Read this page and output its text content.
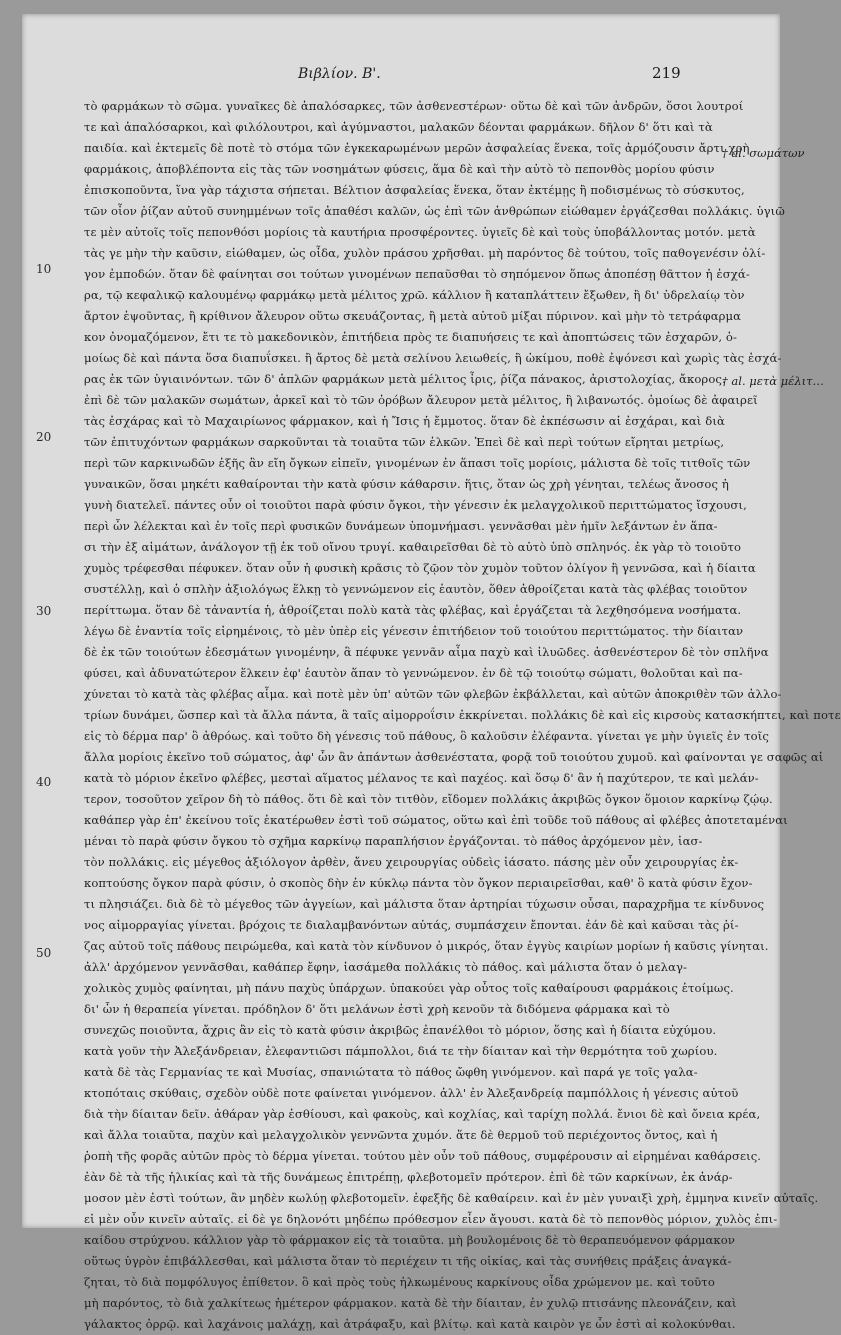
Βιβλίον. Β'.	219
10
20
30
40
50
† al. σωμάτων
† al. μετὰ μέλιτ…
τὸ φαρμάκων τὸ σῶμα. γυναῖκες δὲ ἁπαλόσαρκες, τῶν ἀσθενεστέρων· οὕτω δὲ καὶ τῶν ἀνδρῶν, ὅσοι λουτροί
τε καὶ ἁπαλόσαρκοι, καὶ φιλόλουτροι, καὶ ἀγύμναστοι, μαλακῶν δέονται φαρμάκων. δῆλον δ' ὅτι καὶ τὰ
παιδία. καὶ ἐκτεμεῖς δὲ ποτὲ τὸ στόμα τῶν ἐγκεκαρωμένων μερῶν ἀσφαλείας ἕνεκα, τοῖς ἀρμόζουσιν ἄρτι χρὴ
φαρμάκοις, ἀποβλέποντα εἰς τὰς τῶν νοσημάτων φύσεις, ἅμα δὲ καὶ τὴν αὐτὸ τὸ πεπονθὸς μορίου φύσιν
ἐπισκοποῦντα, ἵνα γὰρ τάχιστα σήπεται. Βέλτιον ἀσφαλείας ἕνεκα, ὅταν ἐκτέμῃς ἢ ποδισμένως τὸ σύσκυτος,
τῶν οἷον ῥίζαν αὐτοῦ συνημμένων τοῖς ἀπαθέσι καλῶν, ὡς ἐπὶ τῶν ἀνθρώπων εἰώθαμεν ἐργάζεσθαι πολλάκις. ὑγιῶ
τε μὲν αὐτοῖς τοῖς πεπονθόσι μορίοις τὰ καυτήρια προσφέροντες. ὑγιεῖς δὲ καὶ τοὺς ὑποβάλλοντας μοτόν. μετὰ
τὰς γε μὴν τὴν καῦσιν, εἰώθαμεν, ὡς οἶδα, χυλὸν πράσου χρῆσθαι. μὴ παρόντος δὲ τούτου, τοῖς παθογενέσιν ὀλί-
γον ἐμποδών. ὅταν δὲ φαίνηται σοι τούτων γινομένων πεπαῦσθαι τὸ σηπόμενον ὅπως ἀποπέσῃ θᾶττον ἡ ἐσχά-
ρα, τῷ κεφαλικῷ καλουμένῳ φαρμάκῳ μετὰ μέλιτος χρῶ. κάλλιον ἢ καταπλάττειν ἔξωθεν, ἢ δι' ὑδρελαίῳ τὸν
ἄρτον ἑψοῦντας, ἢ κρίθινον ἄλευρον οὕτω σκευάζοντας, ἢ μετὰ αὐτοῦ μίξαι πύρινον. καὶ μὴν τὸ τετράφαρμα
κον ὀνομαζόμενον, ἔτι τε τὸ μακεδονικὸν, ἐπιτήδεια πρὸς τε διαπυήσεις τε καὶ ἀποπτώσεις τῶν ἐσχαρῶν, ὁ-
μοίως δὲ καὶ πάντα ὅσα διαπυΐσκει. ἢ ἄρτος δὲ μετὰ σελίνου λειωθείς, ἢ ὠκίμου, ποθὲ ἐψόνεσι καὶ χωρὶς τὰς ἐσχά-
ρας ἐκ τῶν ὑγιαινόντων. τῶν δ' ἁπλῶν φαρμάκων μετὰ μέλιτος ἶρις, ῥίζα πάνακος, ἀριστολοχίας, ἄκορος.
ἐπὶ δὲ τῶν μαλακῶν σωμάτων, ἀρκεῖ καὶ τὸ τῶν ὀρόβων ἄλευρον μετὰ μέλιτος, ἢ λιβανωτός. ὁμοίως δὲ ἀφαιρεῖ
τὰς ἐσχάρας καὶ τὸ Μαχαιρίωνος φάρμακον, καὶ ἡ Ἴσις ἡ ἔμμοτος. ὅταν δὲ ἐκπέσωσιν αἱ ἐσχάραι, καὶ διὰ
τῶν ἐπιτυχόντων φαρμάκων σαρκοῦνται τὰ τοιαῦτα τῶν ἑλκῶν. Ἐπεὶ δὲ καὶ περὶ τούτων εἴρηται μετρίως,
περὶ τῶν καρκινωδῶν ἑξῆς ἂν εἴη ὄγκων εἰπεῖν, γινομένων ἐν ἅπασι τοῖς μορίοις, μάλιστα δὲ τοῖς τιτθοῖς τῶν
γυναικῶν, ὅσαι μηκέτι καθαίρονται τὴν κατὰ φύσιν κάθαρσιν. ἥτις, ὅταν ὡς χρὴ γένηται, τελέως ἄνοσος ἡ
γυνὴ διατελεῖ. πάντες οὖν οἱ τοιοῦτοι παρὰ φύσιν ὄγκοι, τὴν γένεσιν ἐκ μελαγχολικοῦ περιττώματος ἴσχουσι,
περὶ ὧν λέλεκται καὶ ἐν τοῖς περὶ φυσικῶν δυνάμεων ὑπομνήμασι. γεννᾶσθαι μὲν ἡμῖν λεξάντων ἐν ἅπα-
σι τὴν ἐξ αἱμάτων, ἀνάλογον τῇ ἐκ τοῦ οἴνου τρυγί. καθαιρεῖσθαι δὲ τὸ αὐτὸ ὑπὸ σπληνός. ἐκ γὰρ τὸ τοιοῦτο
χυμὸς τρέφεσθαι πέφυκεν. ὅταν οὖν ἡ φυσικὴ κρᾶσις τὸ ζῷον τὸν χυμὸν τοῦτον ὀλίγον ἢ γεννῶσα, καὶ ἡ δίαιτα
συστέλλῃ, καὶ ὁ σπλὴν ἀξιολόγως ἕλκῃ τὸ γεννώμενον εἰς ἑαυτὸν, ὅθεν ἀθροίζεται κατὰ τὰς φλέβας τοιοῦτον
περίττωμα. ὅταν δὲ τἀναντία ἡ, ἀθροίζεται πολὺ κατὰ τὰς φλέβας, καὶ ἐργάζεται τὰ λεχθησόμενα νοσήματα.
λέγω δὲ ἐναντία τοῖς εἰρημένοις, τὸ μὲν ὑπὲρ εἰς γένεσιν ἐπιτήδειον τοῦ τοιούτου περιττώματος. τὴν δίαιταν
δὲ ἐκ τῶν τοιούτων ἐδεσμάτων γινομένην, ἃ πέφυκε γεννᾶν αἷμα παχὺ καὶ ἰλυῶδες. ἀσθενέστερον δὲ τὸν σπλῆνα
φύσει, καὶ ἀδυνατώτερον ἕλκειν ἐφ' ἑαυτὸν ἅπαν τὸ γεννώμενον. ἐν δὲ τῷ τοιούτῳ σώματι, θολοῦται καὶ πα-
χύνεται τὸ κατὰ τὰς φλέβας αἷμα. καὶ ποτὲ μὲν ὑπ' αὐτῶν τῶν φλεβῶν ἐκβάλλεται, καὶ αὐτῶν ἀποκριθὲν τῶν ἀλλο-
τρίων δυνάμει, ὥσπερ καὶ τὰ ἄλλα πάντα, ἃ ταῖς αἱμορροΐσιν ἐκκρίνεται. πολλάκις δὲ καὶ εἰς κιρσοὺς κατασκήπτει, καὶ ποτε
εἰς τὸ δέρμα παρ' ὃ ἀθρόως. καὶ τοῦτο δὴ γένεσις τοῦ πάθους, ὃ καλοῦσιν ἐλέφαντα. γίνεται γε μὴν ὑγιεῖς ἐν τοῖς
ἄλλα μορίοις ἐκεῖνο τοῦ σώματος, ἀφ' ὧν ἂν ἁπάντων ἀσθενέστατα, φορᾷ τοῦ τοιούτου χυμοῦ. καὶ φαίνονται γε σαφῶς αἱ
κατὰ τὸ μόριον ἐκεῖνο φλέβες, μεσταὶ αἵματος μέλανος τε καὶ παχέος. καὶ ὅσῳ δ' ἂν ἡ παχύτερον, τε καὶ μελάν-
τερον, τοσοῦτον χεῖρον δὴ τὸ πάθος. ὅτι δὲ καὶ τὸν τιτθὸν, εἴδομεν πολλάκις ἀκριβῶς ὄγκον ὅμοιον καρκίνῳ ζῴῳ.
καθάπερ γὰρ ἐπ' ἐκείνου τοῖς ἑκατέρωθεν ἐστὶ τοῦ σώματος, οὕτω καὶ ἐπὶ τοῦδε τοῦ πάθους αἱ φλέβες ἀποτεταμέναι
μέναι τὸ παρὰ φύσιν ὄγκου τὸ σχῆμα καρκίνῳ παραπλήσιον ἐργάζονται. τὸ πάθος ἀρχόμενον μὲν, ἰασ-
τὸν πολλάκις. εἰς μέγεθος ἀξιόλογον ἀρθὲν, ἄνευ χειρουργίας οὐδεὶς ἰάσατο. πάσης μὲν οὖν χειρουργίας ἐκ-
κοπτούσης ὄγκον παρὰ φύσιν, ὁ σκοπὸς δὴν ἐν κύκλῳ πάντα τὸν ὄγκον περιαιρεῖσθαι, καθ' ὃ κατὰ φύσιν ἔχον-
τι πλησιάζει. διὰ δὲ τὸ μέγεθος τῶν ἀγγείων, καὶ μάλιστα ὅταν ἀρτηρίαι τύχωσιν οὖσαι, παραχρῆμα τε κίνδυνος
νος αἱμορραγίας γίνεται. βρόχοις τε διαλαμβανόντων αὐτάς, συμπάσχειν ἔπονται. ἐάν δὲ καὶ καῦσαι τὰς ῥί-
ζας αὐτοῦ τοῖς πάθους πειρώμεθα, καὶ κατὰ τὸν κίνδυνον ὁ μικρός, ὅταν ἐγγὺς καιρίων μορίων ἡ καῦσις γίνηται.
ἀλλ' ἀρχόμενον γεννᾶσθαι, καθάπερ ἔφην, ἰασάμεθα πολλάκις τὸ πάθος. καὶ μάλιστα ὅταν ὁ μελαγ-
χολικὸς χυμὸς φαίνηται, μὴ πάνυ παχὺς ὑπάρχων. ὑπακούει γὰρ οὗτος τοῖς καθαίρουσι φαρμάκοις ἑτοίμως.
δι' ὧν ἡ θεραπεία γίνεται. πρόδηλον δ' ὅτι μελάνων ἐστὶ χρὴ κενοῦν τὰ διδόμενα φάρμακα καὶ τὸ
συνεχῶς ποιοῦντα, ἄχρις ἂν εἰς τὸ κατὰ φύσιν ἀκριβῶς ἐπανέλθοι τὸ μόριον, ὅσης καὶ ἡ δίαιτα εὐχύμου.
κατὰ γοῦν τὴν Ἀλεξάνδρειαν, ἐλεφαντιῶσι πάμπολλοι, διά τε τὴν δίαιταν καὶ τὴν θερμότητα τοῦ χωρίου.
κατὰ δὲ τὰς Γερμανίας τε καὶ Μυσίας, σπανιώτατα τὸ πάθος ὤφθη γινόμενον. καὶ παρά γε τοῖς γαλα-
κτοπόταις σκύθαις, σχεδὸν οὐδὲ ποτε φαίνεται γινόμενον. ἀλλ' ἐν Ἀλεξανδρείᾳ παμπόλλοις ἡ γένεσις αὐτοῦ
διὰ τὴν δίαιταν δεῖν. ἀθάραν γὰρ ἐσθίουσι, καὶ φακοὺς, καὶ κοχλίας, καὶ ταρίχη πολλά. ἔνιοι δὲ καὶ ὄνεια κρέα,
καὶ ἄλλα τοιαῦτα, παχὺν καὶ μελαγχολικὸν γεννῶντα χυμόν. ἅτε δὲ θερμοῦ τοῦ περιέχοντος ὄντος, καὶ ἡ
ῥοπὴ τῆς φορᾶς αὐτῶν πρὸς τὸ δέρμα γίνεται. τούτου μὲν οὖν τοῦ πάθους, συμφέρουσιν αἱ εἰρημέναι καθάρσεις.
ἐὰν δὲ τὰ τῆς ἡλικίας καὶ τὰ τῆς δυνάμεως ἐπιτρέπῃ, φλεβοτομεῖν πρότερον. ἐπὶ δὲ τῶν καρκίνων, ἐκ ἀνάρ-
μοσον μὲν ἐστὶ τούτων, ἂν μηδὲν κωλύῃ φλεβοτομεῖν. ἐφεξῆς δὲ καθαίρειν. καὶ ἐν μὲν γυναιξὶ χρὴ, ἐμμηνα κινεῖν αὐταῖς.
εἰ μὲν οὖν κινεῖν αὐταῖς. εἰ δὲ γε δηλονότι μηδέπω πρόθεσμον εἶεν ἄγουσι. κατὰ δὲ τὸ πεπονθὸς μόριον, χυλὸς ἐπι-
καίδου στρύχνου. κάλλιον γὰρ τὸ φάρμακον εἰς τὰ τοιαῦτα. μὴ βουλομένοις δὲ τὸ θεραπευόμενον φάρμακον
οὕτως ὑγρὸν ἐπιβάλλεσθαι, καὶ μάλιστα ὅταν τὸ περιέχειν τι τῆς οἰκίας, καὶ τὰς συνήθεις πράξεις ἀναγκά-
ζηται, τὸ διὰ πομφόλυγος ἐπίθετον. ὃ καὶ πρὸς τοὺς ἡλκωμένους καρκίνους οἶδα χρώμενον με. καὶ τοῦτο
μὴ παρόντος, τὸ διὰ χαλκίτεως ἡμέτερον φάρμακον. κατὰ δὲ τὴν δίαιταν, ἐν χυλῷ πτισάνης πλεονάζειν, καὶ
γάλακτος ὀρρῷ. καὶ λαχάνοις μαλάχῃ, καὶ ἀτράφαξυ, καὶ βλίτῳ. καὶ κατὰ καιρὸν γε ὧν ἐστὶ αἱ κολοκύνθαι.
